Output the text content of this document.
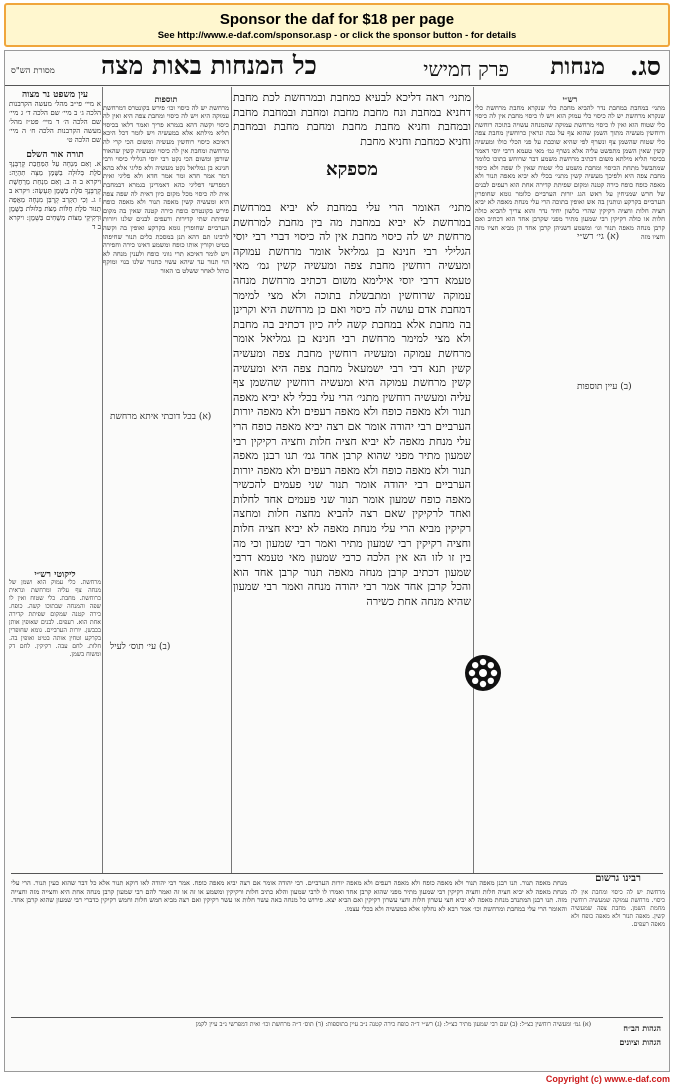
Sponsor the daf for $18 per page
See http://www.e-daf.com/sponsor.asp - or click the sponsor button - for details
סג.
מנחות
פרק חמישי
כל המנחות באות מצה
מסורת הש"ס
מתני׳ ראה דליכא לבעיא כמחבת ובמרחשת לכת מחבת דחניא במחבת ונח מחבת מחבת ומחבת ובמחבת מחבת ובמחבת וחניא מחבת מחבת ומחבת מחבת ובמחבת וחניא כמחבת וחניא מחבת
מספקא
מתני׳ האומר הרי עלי במחבת לא יביא במרחשת במרחשת לא יביא במחבת מה בין מחבת למרחשת מרחשת יש לה כיסוי מחבת אין לה כיסוי דברי רבי יוסי הגלילי רבי חנינא בן גמליאל אומר מרחשת עמוקה ומעשיה רוחשין מחבת צפה ומעשיה קשין גמ׳ מאי טעמא דרבי יוסי אילימא משום דכתיב מרחשת מנחה עמוקה שרוחשין ומתבשלת בתוכה ולא מצי למימר דמחבת אדם עושה לה כיסוי ואם כן מרחשת היא וקרינן בה מחבת אלא במחבת קשה ליה כיון דכתיב בה מחבת ולא מצי למימר מרחשת רבי חנינא בן גמליאל אומר מרחשת עמוקה ומעשיה רוחשין מחבת צפה ומעשיה קשין תנא דבי רבי ישמעאל מחבת צפה היא ומעשיה קשין מרחשת עמוקה היא ומעשיה רוחשין שהשמן צף עליה ומעשיה רוחשין מתני׳ הרי עלי בכלי לא יביא מאפה תנור ולא מאפה כופח ולא מאפה רעפים ולא מאפה יורות הערביים רבי יהודה אומר אם רצה יביא מאפה כופח הרי עלי מנחת מאפה לא יביא חציה חלות וחציה רקיקין רבי שמעון מתיר מפני שהוא קרבן אחד גמ׳ תנו רבנן מאפה תנור ולא מאפה כופח ולא מאפה רעפים ולא מאפה יורות הערביים רבי יהודה אומר תנור שני פעמים להכשיר מאפה כופח שמעון אומר תנור שני פעמים אחד לחלות ואחד לרקיקין שאם רצה להביא מחצה חלות ומחצה רקיקין מביא הרי עלי מנחת מאפה לא יביא חציה חלות וחציה רקיקין רבי שמעון מתיר ואמר רבי שמעון וכי מה בין זו לזו הא אין הלכה כרבי שמעון מאי טעמא דרבי שמעון דכתיב קרבן מנחה מאפה תנור קרבן אחד הוא והכל קרבן אחד אמר רבי יהודה מנחה ואמר רבי שמעון שהיא מנחה אחת כשירה
תוספות
מרחשת יש לה כיסוי וכו׳ פירש בקונטרס דמרחשת עמוקה היא ויש לה כיסוי ומחבת צפה היא ואין לה כיסוי וקשה דהא בגמרא פריך ואמר דלאו בכיסוי תליא מילתא אלא במעשיה ויש לומר דכל היכא דאיכא כיסוי רוחשין מעשיה ומשום הכי קרי לה מרחשת ומחבת אין לה כיסוי ומעשיה קשין שהאור שורפן ומשום הכי נקט רבי יוסי הגלילי כיסוי ורבי חנינא בן גמליאל נקט מעשיה ולא פליגי אלא בהא דמר אמר חדא ומר אמר חדא ולא פליגי ואית דמפרשי דפליגי כהא דאמרינן בגמרא דבמחבת אית לה כיסוי מכל מקום כיון דאית לה שפה צפה היא ומעשיה קשין מאפה תנור ולא מאפה כופח פירש בקונטרס כופח כירה קטנה שאין בה מקום שפיתת שתי קדירות ורעפים לבנים שלנו ויורות הערביים שחופרין גומא בקרקע ואופין בה וקשה לרבינו תם דהא תנן במסכת כלים תנור שחיפהו בטיט וקורין אותו כופח ומשמע דאינו כירה וחפירה ויש לומר דאיכא תרי גווני כופח ולענין מנחה לא הוי תנור עד שיהא עשוי כתנור שלנו בנוי ומוקף כותל לאחר ששלט בו האור
רש״י
מתני׳ במחבת במחבת נדר להביא מחבת כלי שנקרא מחבת מרחשת כלי שנקרא מרחשת יש לה כיסוי כלי עמוק הוא ויש לו כיסוי מחבת אין לה כיסוי כלי שטוח הוא ואין לו כיסוי מרחשת עמוקה שהמנחה עשויה בתוכה רוחשת ורוחשין מעשיה מתוך השמן שהוא צף על גבה ונראין כרוחשין מחבת צפה כלי שטוח שהשמן צף ונשרף לפי שהיא שוכבת על פני הכלי כולו ומעשיה קשין שאין השמן מתפשט עליה אלא נשרף גמ׳ מאי טעמא דרבי יוסי דאמר בכיסוי תליא מילתא משום דכתיב מרחשת משמע דבר שרוחש בתוכו כלומר שמתבשל מתחת הכיסוי ומחבת משמע כלי שטוח שאין לו שפה ולא כיסוי מחבת צפה היא ולפיכך מעשיה קשין מתני׳ בכלי לא יביא מאפה תנור ולא מאפה כופח כופח כירה קטנה ומקום שפיתת קדירה אחת הוא רעפים לבנים של חרש שמניחין על ראש הגג יורות הערביים כלומר גומא שחופרין הערביים בקרקע ונותנין בה אש ואופין בתוכה הרי עלי מנחת מאפה לא יביא חציה חלות וחציה רקיקין שהרי בלשון יחיד נדר והוא צריך להביא כולה חלות או כולה רקיקין רבי שמעון מתיר מפני שקרבן אחד הוא דכתיב ואם קרבן מנחה מאפה תנור וגו׳ ומשמע דשניהן קרבן אחד הן מביא חציו מזה וחציו מזה
עין משפט נר מצוה
א מיי׳ פי״ב מהל׳ מעשה הקרבנות הלכה ג׳ ב מיי׳ שם הלכה ד׳ ג מיי׳ שם הלכה ה׳ ד מיי׳ פט״ז מהל׳ מעשה הקרבנות הלכה ח׳ ה מיי׳ שם הלכה ט׳
תורה אור השלם
א. וְאִם מִנְחָה עַל הַמַּחֲבַת קָרְבָּנֶךָ סֹלֶת בְּלוּלָה בַשֶּׁמֶן מַצָּה תִהְיֶה: ויקרא ב ה ב. וְאִם מִנְחַת מַרְחֶשֶׁת קָרְבָּנֶךָ סֹלֶת בַּשֶּׁמֶן תֵּעָשֶׂה: ויקרא ב ז ג. וְכִי תַקְרִב קָרְבַּן מִנְחָה מַאֲפֵה תַנּוּר סֹלֶת חַלּוֹת מַצֹּת בְּלוּלֹת בַּשֶּׁמֶן וּרְקִיקֵי מַצּוֹת מְשֻׁחִים בַּשָּׁמֶן: ויקרא ב ד
ליקוטי רש״י
מרחשת. כלי עמוק הוא ושמן של מנחה צף עליה ומרחשת ונראית כרוחשת. מחבת. כלי שטוח ואין לו שפה והמנחה שבתוכו קשה. כופח. כירה קטנה שמקום שפיתת קדירה אחת הוא. רעפים. לבנים שאופין אותן בכבשן. יורות הערביים. גומא שחופרין בקרקע וטחין אותה בטיט ואופין בה. חלות. לחם עבה. רקיקין. לחם דק ומשוח בשמן.
(א) גי׳ רש״י
(ב) עיין תוספות
(א) בכל דוכתי איתא מרחשת
(ב) עי׳ תוס׳ לעיל
רבינו גרשום
מרחשת יש לה כיסוי ומחבת אין לה כיסוי. מרחשת עמוקה שמעשיה רוחשין מחמת השמן. מחבת צפה שמעשיה קשין. מאפה תנור ולא מאפה כופח ולא מאפה רעפים.
מנחת מאפה תנור. תנו רבנן מאפה תנור ולא מאפה כופח ולא מאפה רעפים ולא מאפה יורות הערביים. רבי יהודה אומר אם רצה יביא מאפה כופח. אמר רבי יהודה לאו דוקא תנור אלא כל דבר שהוא כעין תנור. הרי עלי מנחת מאפה לא יביא חציה חלות וחציה רקיקין רבי שמעון מתיר מפני שהוא קרבן אחד ואמרו לו לרבי שמעון והלא כתיב חלות ורקיקין ומשמע או זה או זה ואמר להם רבי שמעון קרבן מנחה אחת היא וחצייה מזה וחצייה מזה. תנו רבנן המתנדב מנחת מאפה לא יביא חצי עשרון חלות וחצי עשרון רקיקין ואם הביא יצא. פירוש כל מנחה באה עשר חלות או עשר רקיקין ואם רצה מביא חמש חלות וחמש רקיקין כדברי רבי שמעון שהוא קרבן אחד. והאומר הרי עלי במחבת ומרחשת וכו׳ אמר רבא לא נחלקו אלא במעשיה ולא בכלי עצמו.
הגהות הב״ח
הגהות וציונים
(א) גמ׳ ומעשיה רוחשין כצ״ל: (ב) שם רבי שמעון מתיר כצ״ל: (ג) רש״י ד״ה כופח כירה קטנה נ״ב עיין בתוספות: (ד) תוס׳ ד״ה מרחשת וכו׳ ואית דמפרשי נ״ב עיין לקמן
Copyright (c) www.e-daf.com
